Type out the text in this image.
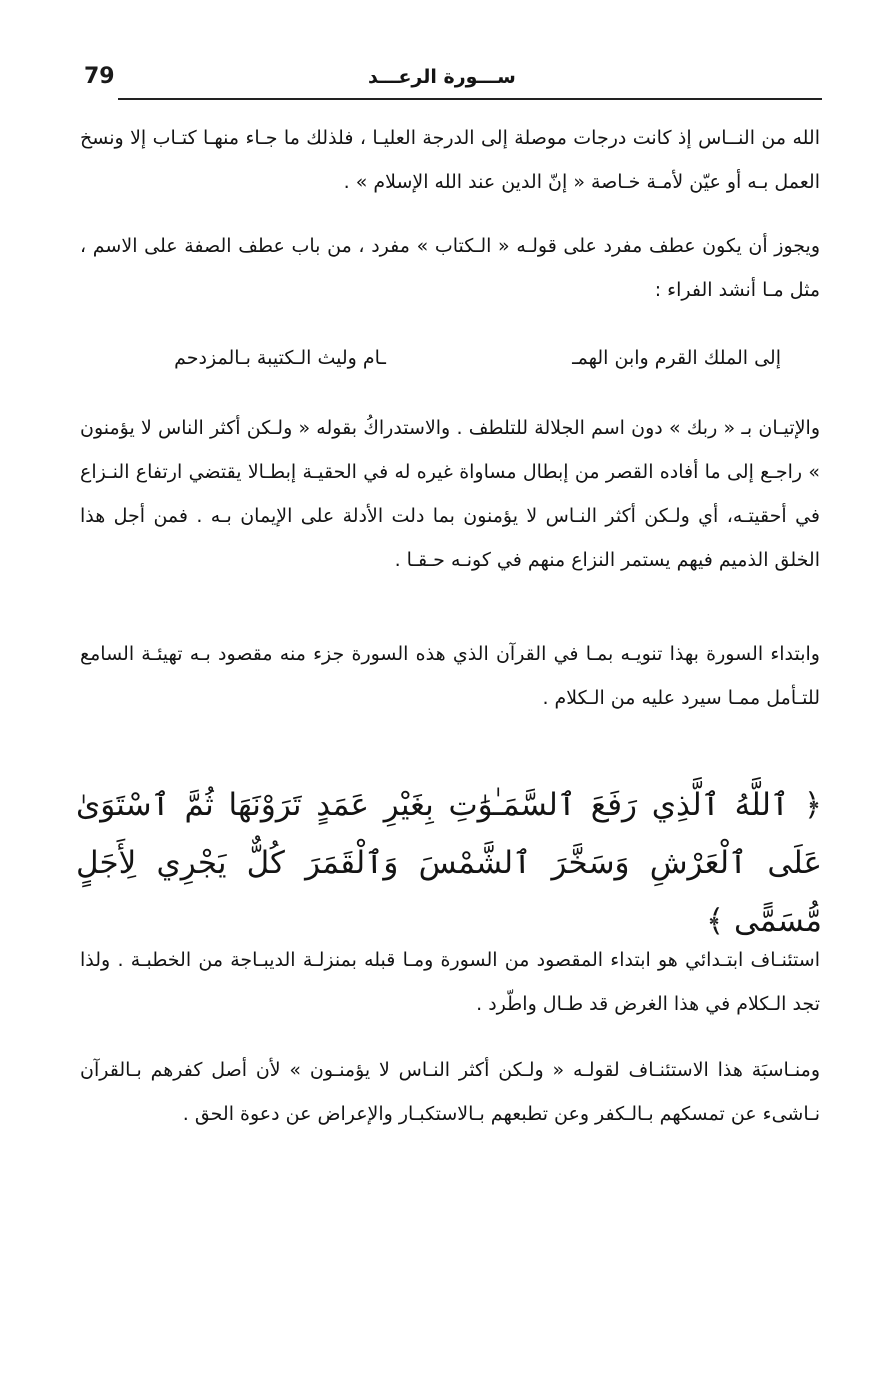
79	ســـورة الرعـــد

الله من النــاس إذ كانت درجات موصلة إلى الدرجة العليـا ، فلذلك ما جـاء منهـا كتـاب إلا ونسخ العمل بـه أو عيّن لأمـة خـاصة « إنّ الدين عند الله الإسلام » .

ويجوز أن يكون عطف مفرد على قولـه « الـكتاب » مفرد ، من باب عطف الصفة على الاسم ، مثل مـا أنشد الفراء :

إلى الملك القرم وابن الهمـ

ـام وليث الـكتيبة بـالمزدحم

والإتيـان بـ « ربك » دون اسم الجلالة للتلطف . والاستدراكُ بقوله « ولـكن أكثر الناس لا يؤمنون » راجـع إلى ما أفاده القصر من إبطال مساواة غيره له في الحقيـة إبطـالا يقتضي ارتفاع النـزاع في أحقيتـه، أي ولـكن أكثر النـاس لا يؤمنون بما دلت الأدلة على الإيمان بـه . فمن أجل هذا الخلق الذميم فيهم يستمر النزاع منهم في كونـه حـقـا .

وابتداء السورة بهذا تنويـه بمـا في القرآن الذي هذه السورة جزء منه مقصود بـه تهيئـة السامع للتـأمل ممـا سيرد عليه من الـكلام .

﴿ ٱللَّهُ ٱلَّذِي رَفَعَ ٱلسَّمَـٰوَٰتِ بِغَيْرِ عَمَدٍ تَرَوْنَهَا ثُمَّ ٱسْتَوَىٰ عَلَى ٱلْعَرْشِ وَسَخَّرَ ٱلشَّمْسَ وَٱلْقَمَرَ كُلٌّ يَجْرِي لِأَجَلٍ مُّسَمًّى ﴾

استئنـاف ابتـدائي هو ابتداء المقصود من السورة ومـا قبله بمنزلـة الديبـاجة من الخطبـة . ولذا تجد الـكلام في هذا الغرض قد طـال واطّرد .

ومنـاسبَة هذا الاستئنـاف لقولـه « ولـكن أكثر النـاس لا يؤمنـون » لأن أصل كفرهم بـالقرآن نـاشىء عن تمسكهم بـالـكفر وعن تطبعهم بـالاستكبـار والإعراض عن دعوة الحق .
